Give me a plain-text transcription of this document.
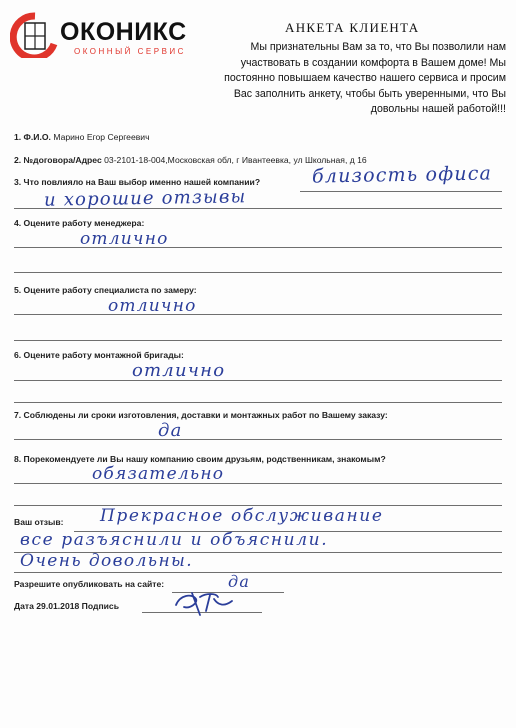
ОКОНИКС
ОКОННЫЙ СЕРВИС
АНКЕТА КЛИЕНТА
Мы признательны Вам за то, что Вы позволили нам
участвовать в создании комфорта в Вашем доме! Мы
постоянно повышаем качество нашего сервиса и просим
Вас заполнить анкету, чтобы быть уверенными, что Вы довольны нашей работой!!!
1. Ф.И.О. Марино Егор Сергеевич
2. №договора/Адрес 03-2101-18-004,Московская обл, г Ивантеевка, ул Школьная, д 16
3. Что повлияло на Ваш выбор именно нашей компании?	близость офиса
и хорошие отзывы
4. Оцените работу менеджера:
отлично
5. Оцените работу специалиста по замеру:
отлично
6. Оцените работу монтажной бригады:
отлично
7. Соблюдены ли сроки изготовления, доставки и монтажных работ по Вашему заказу:
да
8. Порекомендуете ли Вы нашу компанию своим друзьям, родственникам, знакомым?
обязательно
Ваш отзыв: Прекрасное обслуживание
все разъяснили и объяснили.
Очень довольны.
Разрешите опубликовать на сайте:	да
Дата 29.01.2018 Подпись
